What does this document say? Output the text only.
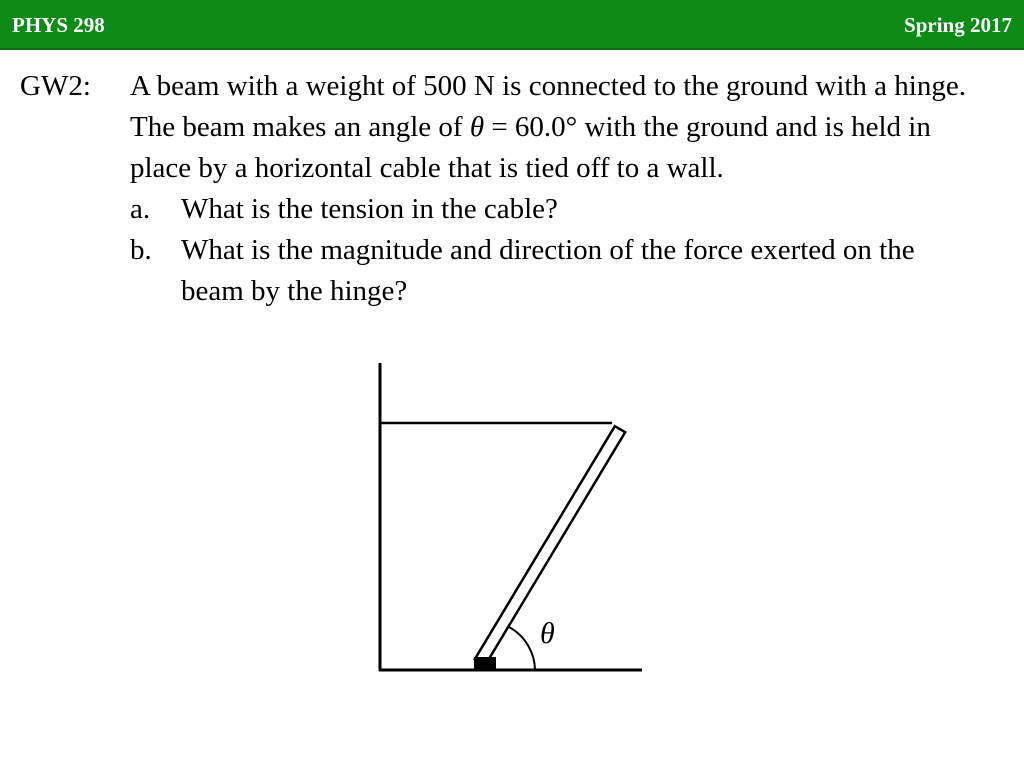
PHYS 298	Spring 2017
GW2: A beam with a weight of 500 N is connected to the ground with a hinge. The beam makes an angle of θ = 60.0° with the ground and is held in place by a horizontal cable that is tied off to a wall.

a.	What is the tension in the cable?
b.	What is the magnitude and direction of the force exerted on the beam by the hinge?
θ
